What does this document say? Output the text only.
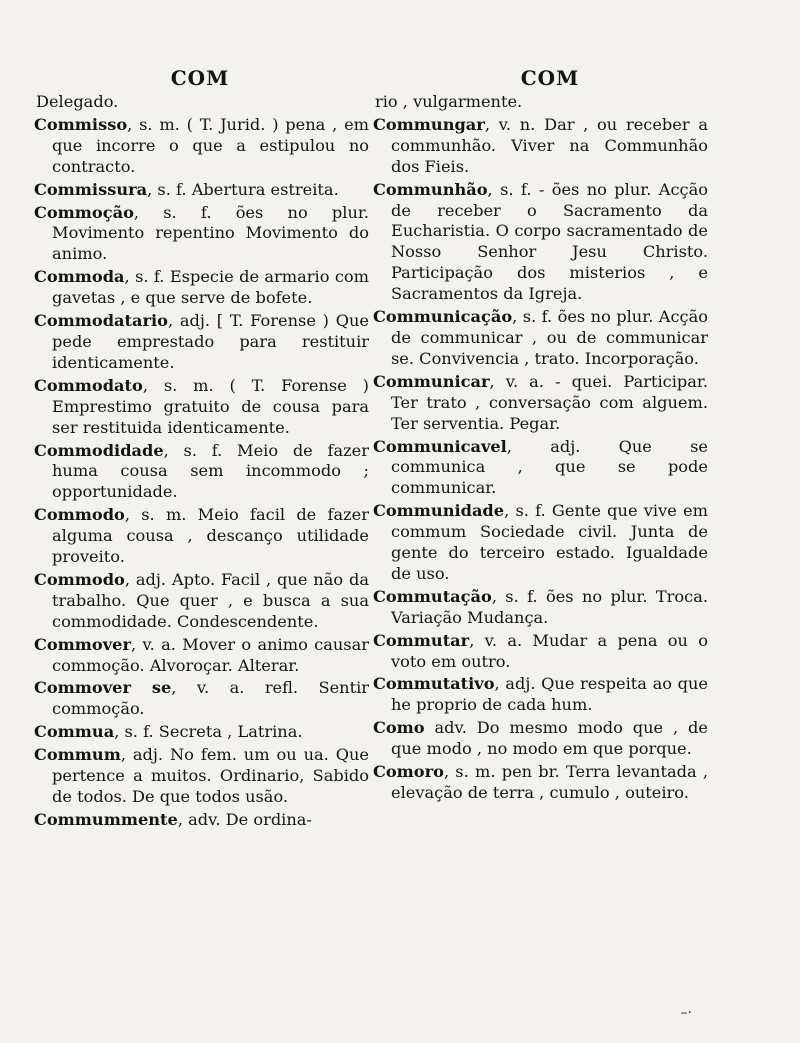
COM	COM
Delegado.
Commisso, s. m. ( T. Jurid. ) pena , em que incorre o que a estipulou no contracto.
Commissura, s. f. Abertura estreita.
Commoção, s. f. ões no plur. Movimento repentino Movimento do animo.
Commoda, s. f. Especie de armario com gavetas , e que serve de bofete.
Commodatario, adj. [ T. Forense ) Que pede emprestado para restituir identicamente.
Commodato, s. m. ( T. Forense ) Emprestimo gratuito de cousa para ser restituida identicamente.
Commodidade, s. f. Meio de fazer huma cousa sem incommodo ; opportunidade.
Commodo, s. m. Meio facil de fazer alguma cousa , descanço utilidade proveito.
Commodo, adj. Apto. Facil , que não da trabalho. Que quer , e busca a sua commodidade. Condescendente.
Commover, v. a. Mover o animo causar commoção. Alvoroçar. Alterar.
Commover se, v. a. refl. Sentir commoção.
Commua, s. f. Secreta , Latrina.
Commum, adj. No fem. um ou ua. Que pertence a muitos. Ordinario, Sabido de todos. De que todos usão.
Commummente, adv. De ordina-
rio , vulgarmente.
Commungar, v. n. Dar , ou receber a communhão. Viver na Communhão dos Fieis.
Communhão, s. f. - ões no plur. Acção de receber o Sacramento da Eucharistia. O corpo sacramentado de Nosso Senhor Jesu Christo. Participação dos misterios , e Sacramentos da Igreja.
Communicação, s. f. ões no plur. Acção de communicar , ou de communicar se. Convivencia , trato. Incorporação.
Communicar, v. a. - quei. Participar. Ter trato , conversação com alguem. Ter serventia. Pegar.
Communicavel, adj. Que se communica , que se pode communicar.
Communidade, s. f. Gente que vive em commum Sociedade civil. Junta de gente do terceiro estado. Igualdade de uso.
Commutação, s. f. ões no plur. Troca. Variação Mudança.
Commutar, v. a. Mudar a pena ou o voto em outro.
Commutativo, adj. Que respeita ao que he proprio de cada hum.
Como adv. Do mesmo modo que , de que modo , no modo em que porque.
Comoro, s. m. pen br. Terra levantada , elevação de terra , cumulo , outeiro.
–·
